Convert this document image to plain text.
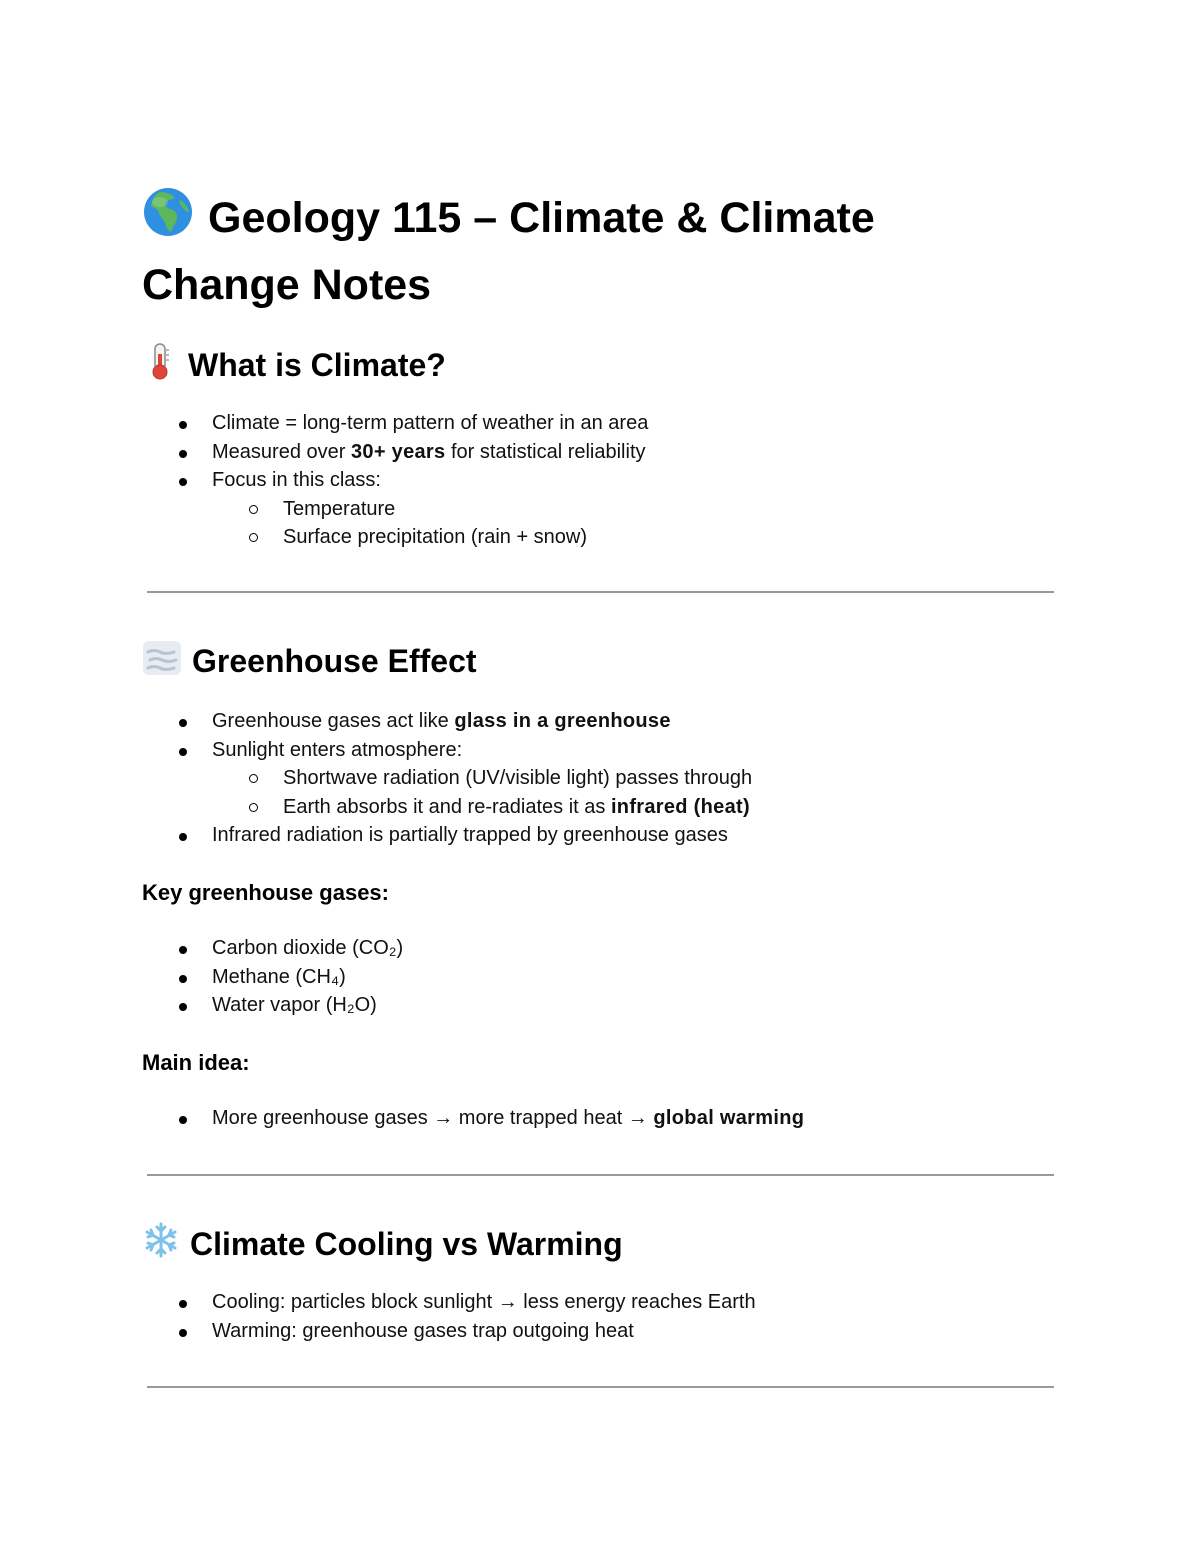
Geology 115 – Climate & Climate
Change Notes
What is Climate?
Climate = long-term pattern of weather in an area
Measured over 30+ years for statistical reliability
Focus in this class:
Temperature
Surface precipitation (rain + snow)
Greenhouse Effect
Greenhouse gases act like glass in a greenhouse
Sunlight enters atmosphere:
Shortwave radiation (UV/visible light) passes through
Earth absorbs it and re-radiates it as infrared (heat)
Infrared radiation is partially trapped by greenhouse gases
Key greenhouse gases:
Carbon dioxide (CO₂)
Methane (CH₄)
Water vapor (H₂O)
Main idea:
More greenhouse gases → more trapped heat → global warming
Climate Cooling vs Warming
Cooling: particles block sunlight → less energy reaches Earth
Warming: greenhouse gases trap outgoing heat
